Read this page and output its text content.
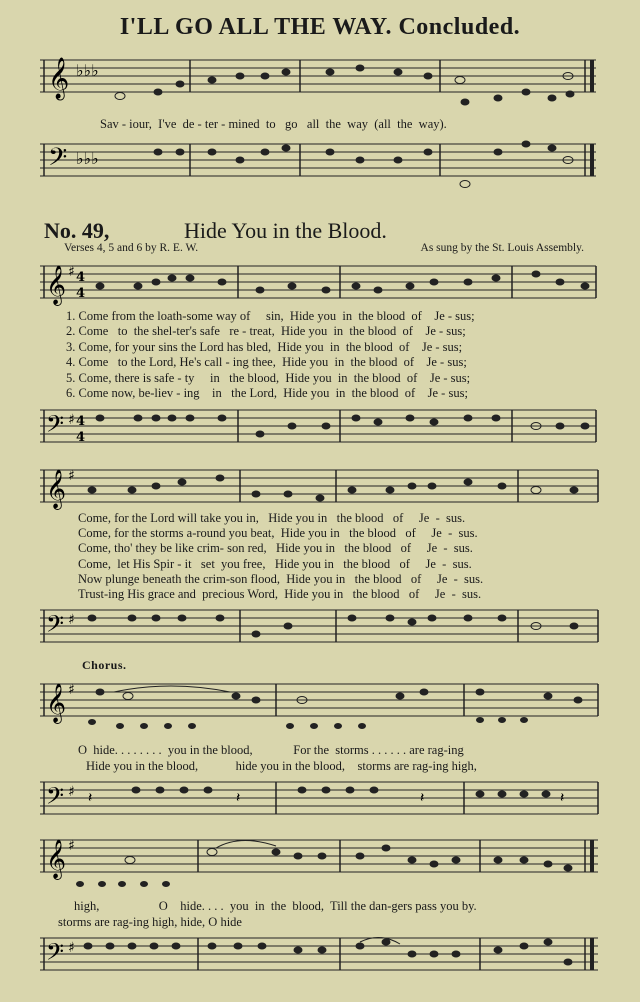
I'LL GO ALL THE WAY. Concluded.
𝄞 ♭♭♭
Sav - iour,  I've  de - ter - mined  to   go   all  the  way  (all  the  way).
𝄢 ♭♭♭
No. 49,	Hide You in the Blood.
Verses 4, 5 and 6 by R. E. W.	As sung by the St. Louis Assembly.
𝄞 ♯ 4
4
1. Come from the loath-some way of     sin,  Hide you  in  the blood  of    Je - sus;
2. Come   to  the shel-ter's safe   re - treat,  Hide you  in  the blood  of    Je - sus;
3. Come, for your sins the Lord has bled,  Hide you  in  the blood  of    Je - sus;
4. Come   to the Lord, He's call - ing thee,  Hide you  in  the blood  of    Je - sus;
5. Come, there is safe - ty     in   the blood,  Hide you  in  the blood  of    Je - sus;
6. Come now, be-liev - ing    in   the Lord,  Hide you  in  the blood  of    Je - sus;
𝄢 ♯ 4
4
𝄞 ♯
Come, for the Lord will take you in,   Hide you in   the blood   of     Je  -  sus.
Come, for the storms a-round you beat,  Hide you in   the blood   of     Je  -  sus.
Come, tho' they be like crim- son red,   Hide you in   the blood   of     Je  -  sus.
Come,  let His Spir - it   set  you free,   Hide you in   the blood   of     Je  -  sus.
Now plunge beneath the crim-son flood,  Hide you in   the blood   of     Je  -  sus.
Trust-ing His grace and  precious Word,  Hide you in   the blood   of     Je  -  sus.
𝄢 ♯
Chorus.
𝄞 ♯
O  hide. . . . . . . .  you in the blood,             For the  storms . . . . . . are rag-ing
Hide you in the blood,            hide you in the blood,    storms are rag-ing high,
𝄢 ♯ 𝄽	𝄽	𝄽	𝄽
𝄞 ♯
high,                   O    hide. . . .  you  in  the  blood,  Till the dan-gers pass you by.
storms are rag-ing high, hide, O hide
𝄢 ♯
